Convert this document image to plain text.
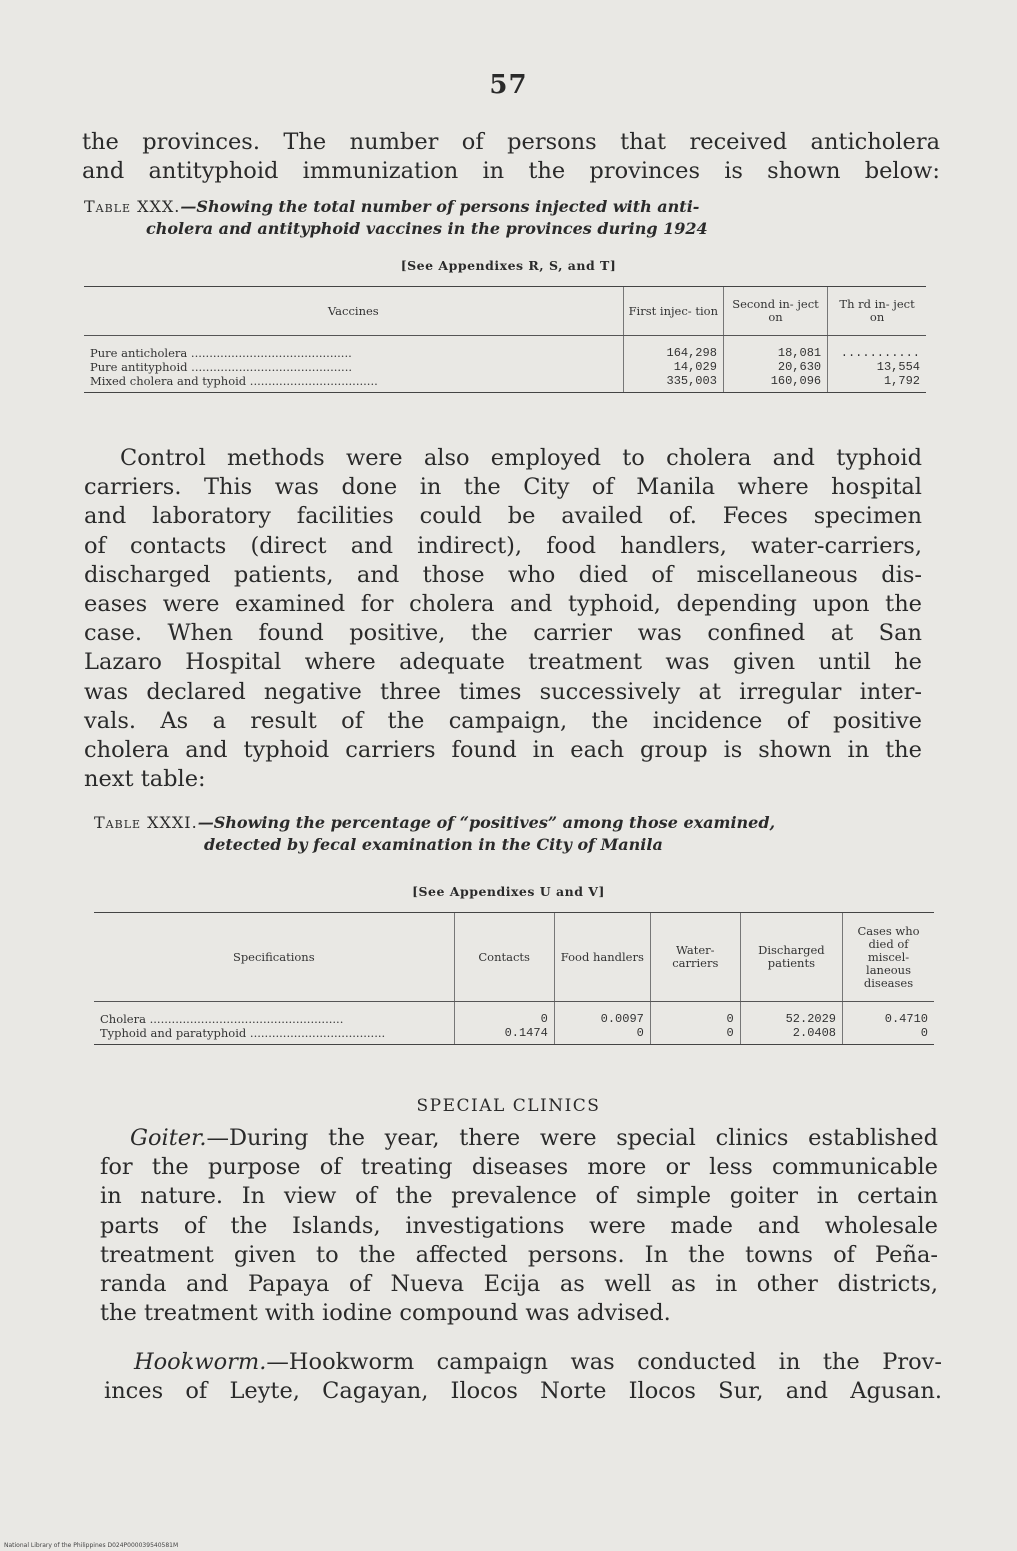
57
the provinces. The number of persons that received anticholera
and antityphoid immunization in the provinces is shown below:
Table XXX.—Showing the total number of persons injected with anti-
cholera and antityphoid vaccines in the provinces during 1924
[See Appendixes R, S, and T]
Vaccines	First injec- tion	Second in- ject on	Th rd in- ject on
Pure anticholera ............................................	164,298	18,081	...........
Pure antityphoid ............................................	14,029	20,630	13,554
Mixed cholera and typhoid ...................................	335,003	160,096	1,792
Control methods were also employed to cholera and typhoid
carriers. This was done in the City of Manila where hospital
and laboratory facilities could be availed of. Feces specimen
of contacts (direct and indirect), food handlers, water-carriers,
discharged patients, and those who died of miscellaneous dis-
eases were examined for cholera and typhoid, depending upon the
case. When found positive, the carrier was confined at San
Lazaro Hospital where adequate treatment was given until he
was declared negative three times successively at irregular inter-
vals. As a result of the campaign, the incidence of positive
cholera and typhoid carriers found in each group is shown in the
next table:
Table XXXI.—Showing the percentage of “positives” among those examined,
detected by fecal examination in the City of Manila
[See Appendixes U and V]
Specifications	Contacts	Food handlers	Water- carriers	Discharged patients	Cases who died of miscel- laneous diseases
Cholera .....................................................	0	0.0097	0	52.2029	0.4710
Typhoid and paratyphoid .....................................	0.1474	0	0	2.0408	0
SPECIAL CLINICS
Goiter.—During the year, there were special clinics established
for the purpose of treating diseases more or less communicable
in nature. In view of the prevalence of simple goiter in certain
parts of the Islands, investigations were made and wholesale
treatment given to the affected persons. In the towns of Peña-
randa and Papaya of Nueva Ecija as well as in other districts,
the treatment with iodine compound was advised.
Hookworm.—Hookworm campaign was conducted in the Prov-
inces of Leyte, Cagayan, Ilocos Norte Ilocos Sur, and Agusan.
National Library of the Philippines D024P000039540581M
